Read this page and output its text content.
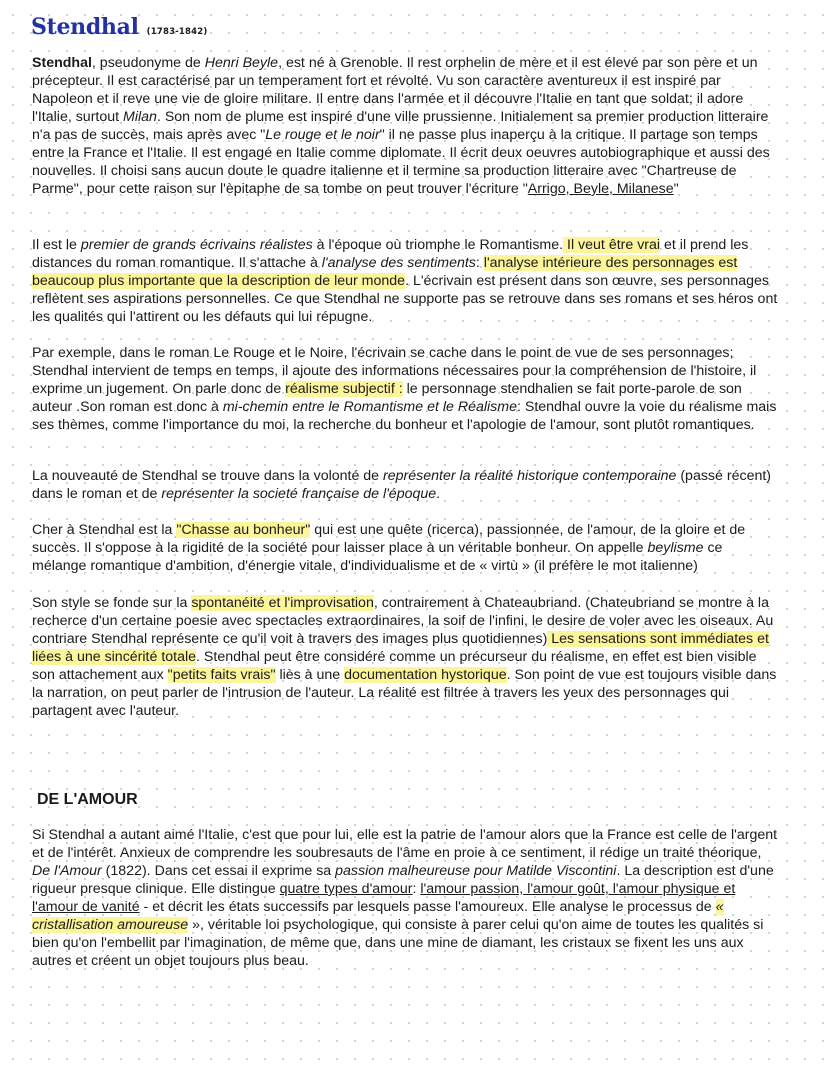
Stendhal (1783-1842)

Stendhal, pseudonyme de Henri Beyle, est né à Grenoble. Il rest orphelin de mère et il est élevé par son père et un précepteur. Il est caractérisé par un temperament fort et révolté. Vu son caractère aventureux il est inspiré par Napoleon et il reve une vie de gloire militare. Il entre dans l'armée et il découvre l'Italie en tant que soldat; il adore l'Italie, surtout Milan. Son nom de plume est inspiré d'une ville prussienne. Initialement sa premier production litteraire n'a pas de succès, mais après avec "Le rouge et le noir" il ne passe plus inaperçu à la critique. Il partage son temps entre la France et l'Italie. Il est engagé en Italie comme diplomate. Il écrit deux oeuvres autobiographique et aussi des nouvelles. Il choisi sans aucun doute le quadre italienne et il termine sa production litteraire avec "Chartreuse de Parme", pour cette raison sur l'èpitaphe de sa tombe on peut trouver l'écriture "Arrigo, Beyle, Milanese"

Il est le premier de grands écrivains réalistes à l'époque où triomphe le Romantisme. Il veut être vrai et il prend les distances du roman romantique. Il s'attache à l'analyse des sentiments: l'analyse intérieure des personnages est beaucoup plus importante que la description de leur monde. L'écrivain est présent dans son œuvre, ses personnages reflètent ses aspirations personnelles. Ce que Stendhal ne supporte pas se retrouve dans ses romans et ses héros ont les qualités qui l'attirent ou les défauts qui lui répugne.

Par exemple, dans le roman Le Rouge et le Noire, l'écrivain se cache dans le point de vue de ses personnages; Stendhal intervient de temps en temps, il ajoute des informations nécessaires pour la compréhension de l'histoire, il exprime un jugement. On parle donc de réalisme subjectif : le personnage stendhalien se fait porte-parole de son auteur .Son roman est donc à mi-chemin entre le Romantisme et le Réalisme: Stendhal ouvre la voie du réalisme mais ses thèmes, comme l'importance du moi, la recherche du bonheur et l'apologie de l'amour, sont plutôt romantiques.

La nouveauté de Stendhal se trouve dans la volonté de représenter la réalité historique contemporaine (passé récent) dans le roman et de représenter la societé française de l'époque.

Cher à Stendhal est la "Chasse au bonheur" qui est une quête (ricerca), passionnée, de l'amour, de la gloire et de succès. Il s'oppose à la rigidité de la société pour laisser place à un véritable bonheur. On appelle beylisme ce mélange romantique d'ambition, d'énergie vitale, d'individualisme et de « virtù » (il préfère le mot italienne)

Son style se fonde sur la spontanéité et l'improvisation, contrairement à Chateaubriand. (Chateubriand se montre à la recherce d'un certaine poesie avec spectacles extraordinaires, la soif de l'infini, le desire de voler avec les oiseaux. Au contriare Stendhal représente ce qu'il voit à travers des images plus quotidiennes) Les sensations sont immédiates et liées à une sincérité totale. Stendhal peut être considéré comme un précurseur du réalisme, en effet est bien visible son attachement aux "petits faits vrais" liès à une documentation hystorique. Son point de vue est toujours visible dans la narration, on peut parler de l'intrusion de l'auteur. La réalité est filtrée à travers les yeux des personnages qui partagent avec l'auteur.

DE L'AMOUR

Si Stendhal a autant aimé l'Italie, c'est que pour lui, elle est la patrie de l'amour alors que la France est celle de l'argent et de l'intérêt. Anxieux de comprendre les soubresauts de l'âme en proie à ce sentiment, il rédige un traité théorique, De l'Amour (1822). Dans cet essai il exprime sa passion malheureuse pour Matilde Viscontini. La description est d'une rigueur presque clinique. Elle distingue quatre types d'amour: l'amour passion, l'amour goût, l'amour physique et l'amour de vanité - et décrit les états successifs par lesquels passe l'amoureux. Elle analyse le processus de « cristallisation amoureuse », véritable loi psychologique, qui consiste à parer celui qu'on aime de toutes les qualités si bien qu'on l'embellit par l'imagination, de même que, dans une mine de diamant, les cristaux se fixent les uns aux autres et créent un objet toujours plus beau.
